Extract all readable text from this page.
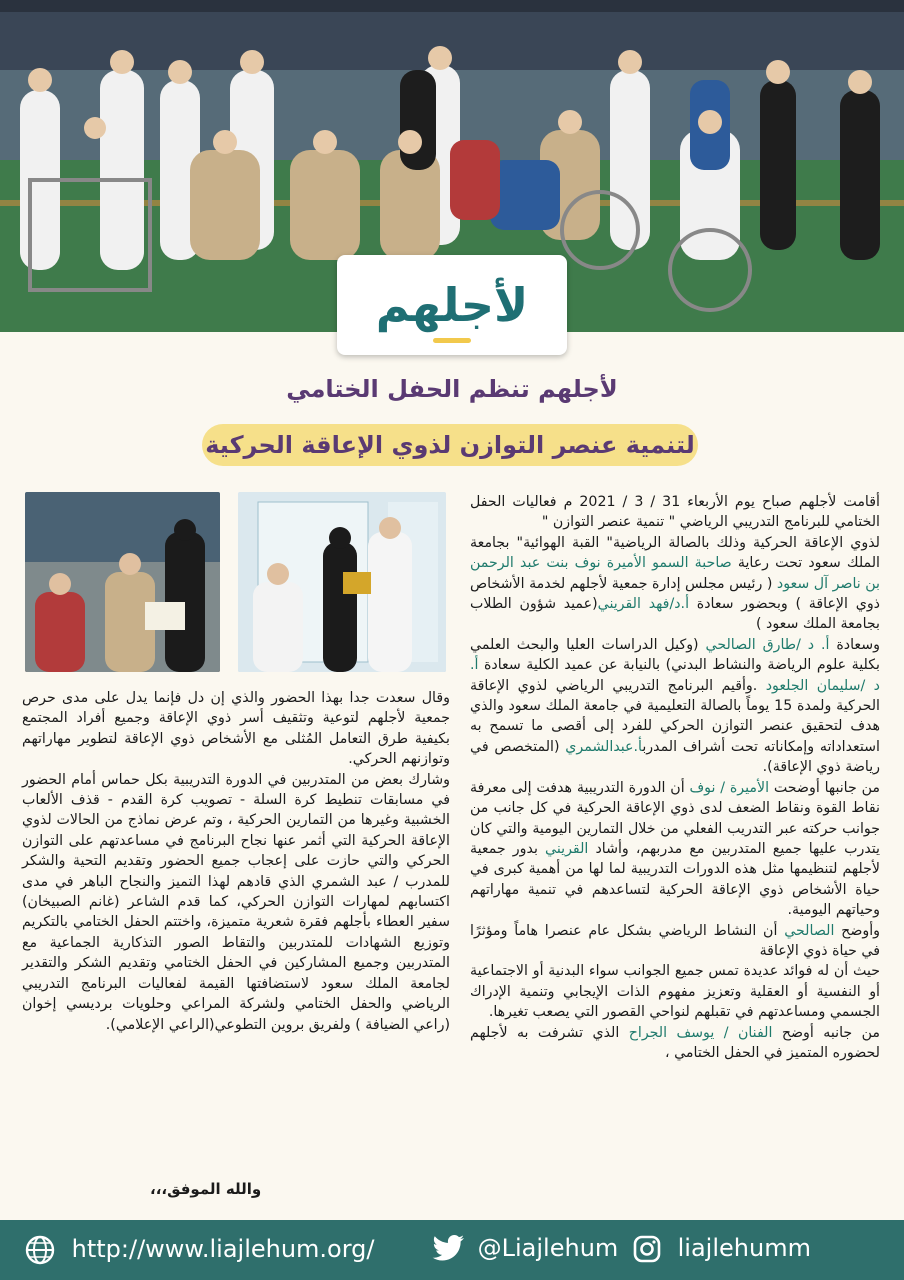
لأجلهم
لأجلهم تنظم الحفل الختامي
لتنمية عنصر التوازن لذوي الإعاقة الحركية

أقامت لأجلهم صباح يوم الأربعاء 31 / 3 / 2021 م فعاليات الحفل الختامي للبرنامج التدريبي الرياضي " تنمية عنصر التوازن "

لذوي الإعاقة الحركية وذلك بالصالة الرياضية" القبة الهوائية" بجامعة الملك سعود تحت رعاية صاحبة السمو الأميرة نوف بنت عبد الرحمن بن ناصر آل سعود ( رئيس مجلس إدارة جمعية لأجلهم لخدمة الأشخاص ذوي الإعاقة ) وبحضور سعادة أ.د/فهد القريني(عميد شؤون الطلاب بجامعة الملك سعود )

وسعادة أ. د /طارق الصالحي (وكيل الدراسات العليا والبحث العلمي بكلية علوم الرياضة والنشاط البدني) بالنيابة عن عميد الكلية سعادة أ. د /سليمان الجلعود .وأقيم البرنامج التدريبي الرياضي لذوي الإعاقة الحركية ولمدة 15 يوماً بالصالة التعليمية في جامعة الملك سعود والذي هدف لتحقيق عنصر التوازن الحركي للفرد إلى أقصى ما تسمح به استعداداته وإمكاناته تحت أشراف المدربأ.عبدالشمري (المتخصص في رياضة ذوي الإعاقة).

من جانبها أوضحت الأميرة / نوف أن الدورة التدريبية هدفت إلى معرفة نقاط القوة ونقاط الضعف لدى ذوي الإعاقة الحركية في كل جانب من جوانب حركته عبر التدريب الفعلي من خلال التمارين اليومية والتي كان يتدرب عليها جميع المتدربين مع مدربهم، وأشاد القريني بدور جمعية لأجلهم لتنظيمها مثل هذه الدورات التدريبية لما لها من أهمية كبرى في حياة الأشخاص ذوي الإعاقة الحركية لتساعدهم في تنمية مهاراتهم وحياتهم اليومية.

وأوضح الصالحي أن النشاط الرياضي بشكل عام عنصرا هاماً ومؤثرًا في حياة ذوي الإعاقة

حيث أن له فوائد عديدة تمس جميع الجوانب سواء البدنية أو الاجتماعية أو النفسية أو العقلية وتعزيز مفهوم الذات الإيجابي وتنمية الإدراك الجسمي ومساعدتهم في تقبلهم لنواحي القصور التي يصعب تغيرها.

من جانبه أوضح الفنان / يوسف الجراح الذي تشرفت به لأجلهم لحضوره المتميز في الحفل الختامي ،

وقال سعدت جدا بهذا الحضور والذي إن دل فإنما يدل على مدى حرص جمعية لأجلهم لتوعية وتثقيف أسر ذوي الإعاقة وجميع أفراد المجتمع بكيفية طرق التعامل المُثلى مع الأشخاص ذوي الإعاقة لتطوير مهاراتهم وتوازنهم الحركي.

وشارك بعض من المتدربين في الدورة التدريبية بكل حماس أمام الحضور في مسابقات تنطيط كرة السلة - تصويب كرة القدم - قذف الألعاب الخشبية وغيرها من التمارين الحركية ، وتم عرض نماذج من الحالات لذوي الإعاقة الحركية التي أثمر عنها نجاح البرنامج في مساعدتهم على التوازن الحركي والتي حازت على إعجاب جميع الحضور وتقديم التحية والشكر للمدرب / عبد الشمري الذي قادهم لهذا التميز والنجاح الباهر في مدى اكتسابهم لمهارات التوازن الحركي، كما قدم الشاعر (غانم الصبيخان) سفير العطاء بأجلهم فقرة شعرية متميزة، واختتم الحفل الختامي بالتكريم وتوزيع الشهادات للمتدربين والتقاط الصور التذكارية الجماعية مع المتدربين وجميع المشاركين في الحفل الختامي وتقديم الشكر والتقدير لجامعة الملك سعود لاستضافتها القيمة لفعاليات البرنامج التدريبي الرياضي والحفل الختامي ولشركة المراعي وحلويات برديسي إخوان (راعي الضيافة ) ولفريق بروين التطوعي(الراعي الإعلامي).

والله الموفق،،،
http://www.liajlehum.org/	@Liajlehum	liajlehumm
